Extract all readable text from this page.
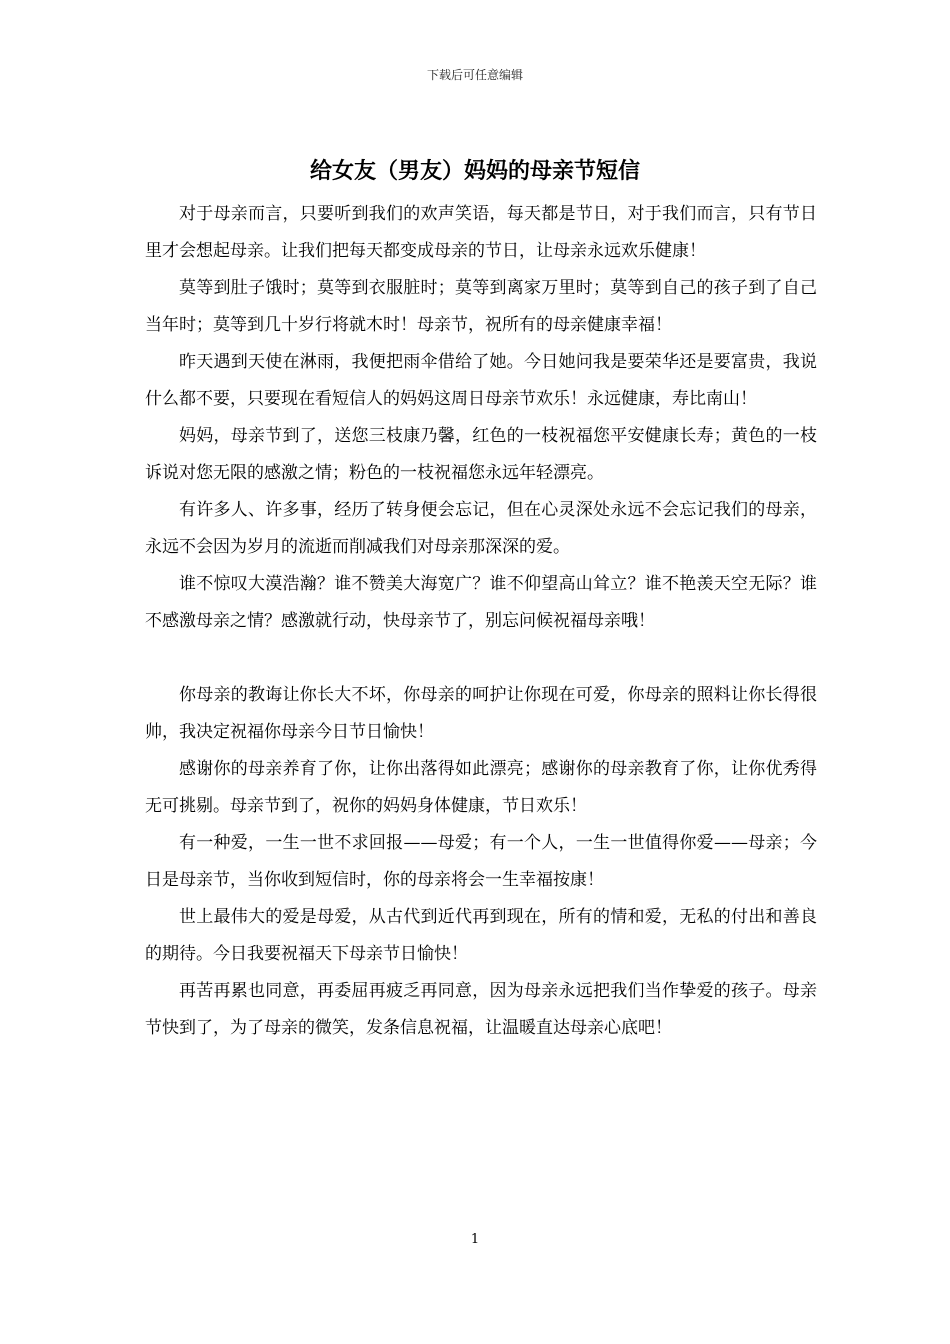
下载后可任意编辑
给女友（男友）妈妈的母亲节短信

对于母亲而言，只要听到我们的欢声笑语，每天都是节日，对于我们而言，只有节日里才会想起母亲。让我们把每天都变成母亲的节日，让母亲永远欢乐健康！

莫等到肚子饿时；莫等到衣服脏时；莫等到离家万里时；莫等到自己的孩子到了自己当年时；莫等到几十岁行将就木时！母亲节，祝所有的母亲健康幸福！

昨天遇到天使在淋雨，我便把雨伞借给了她。今日她问我是要荣华还是要富贵，我说什么都不要，只要现在看短信人的妈妈这周日母亲节欢乐！永远健康，寿比南山！

妈妈，母亲节到了，送您三枝康乃馨，红色的一枝祝福您平安健康长寿；黄色的一枝诉说对您无限的感激之情；粉色的一枝祝福您永远年轻漂亮。

有许多人、许多事，经历了转身便会忘记，但在心灵深处永远不会忘记我们的母亲，永远不会因为岁月的流逝而削减我们对母亲那深深的爱。

谁不惊叹大漠浩瀚？谁不赞美大海宽广？谁不仰望高山耸立？谁不艳羡天空无际？谁不感激母亲之情？感激就行动，快母亲节了，别忘问候祝福母亲哦！

你母亲的教诲让你长大不坏，你母亲的呵护让你现在可爱，你母亲的照料让你长得很帅，我决定祝福你母亲今日节日愉快！

感谢你的母亲养育了你，让你出落得如此漂亮；感谢你的母亲教育了你，让你优秀得无可挑剔。母亲节到了，祝你的妈妈身体健康，节日欢乐！

有一种爱，一生一世不求回报——母爱；有一个人，一生一世值得你爱——母亲；今日是母亲节，当你收到短信时，你的母亲将会一生幸福按康！

世上最伟大的爱是母爱，从古代到近代再到现在，所有的情和爱，无私的付出和善良的期待。今日我要祝福天下母亲节日愉快！

再苦再累也同意，再委屈再疲乏再同意，因为母亲永远把我们当作挚爱的孩子。母亲节快到了，为了母亲的微笑，发条信息祝福，让温暖直达母亲心底吧！

1
